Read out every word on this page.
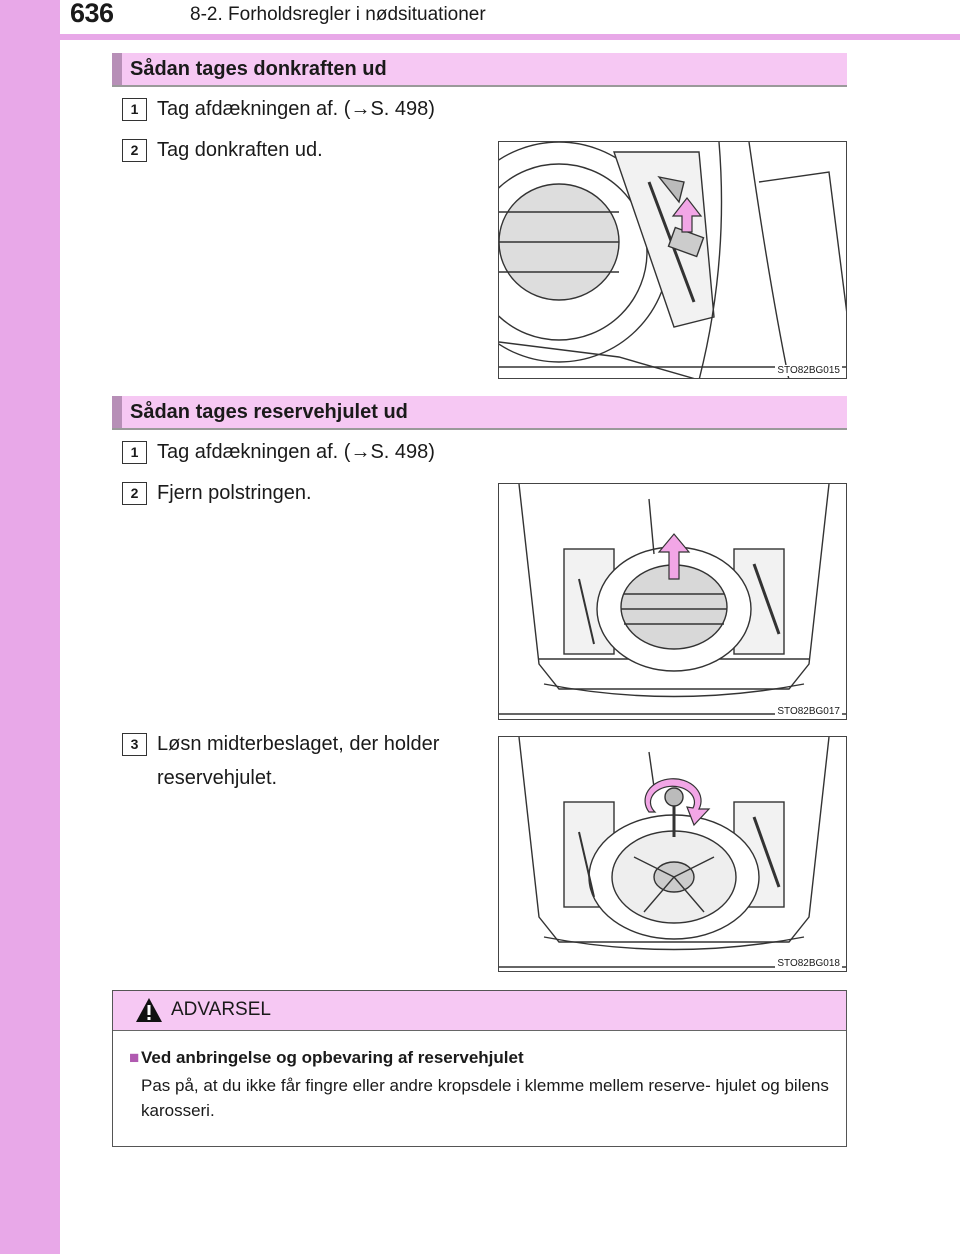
636	8-2. Forholdsregler i nødsituationer
Sådan tages donkraften ud
1 Tag afdækningen af. (→S. 498)
2 Tag donkraften ud.
STO82BG015
Sådan tages reservehjulet ud
1 Tag afdækningen af. (→S. 498)
2 Fjern polstringen.
STO82BG017
3 Løsn midterbeslaget, der holder reservehjulet.
STO82BG018
ADVARSEL
■ Ved anbringelse og opbevaring af reservehjulet
Pas på, at du ikke får fingre eller andre kropsdele i klemme mellem reserve- hjulet og bilens karosseri.
